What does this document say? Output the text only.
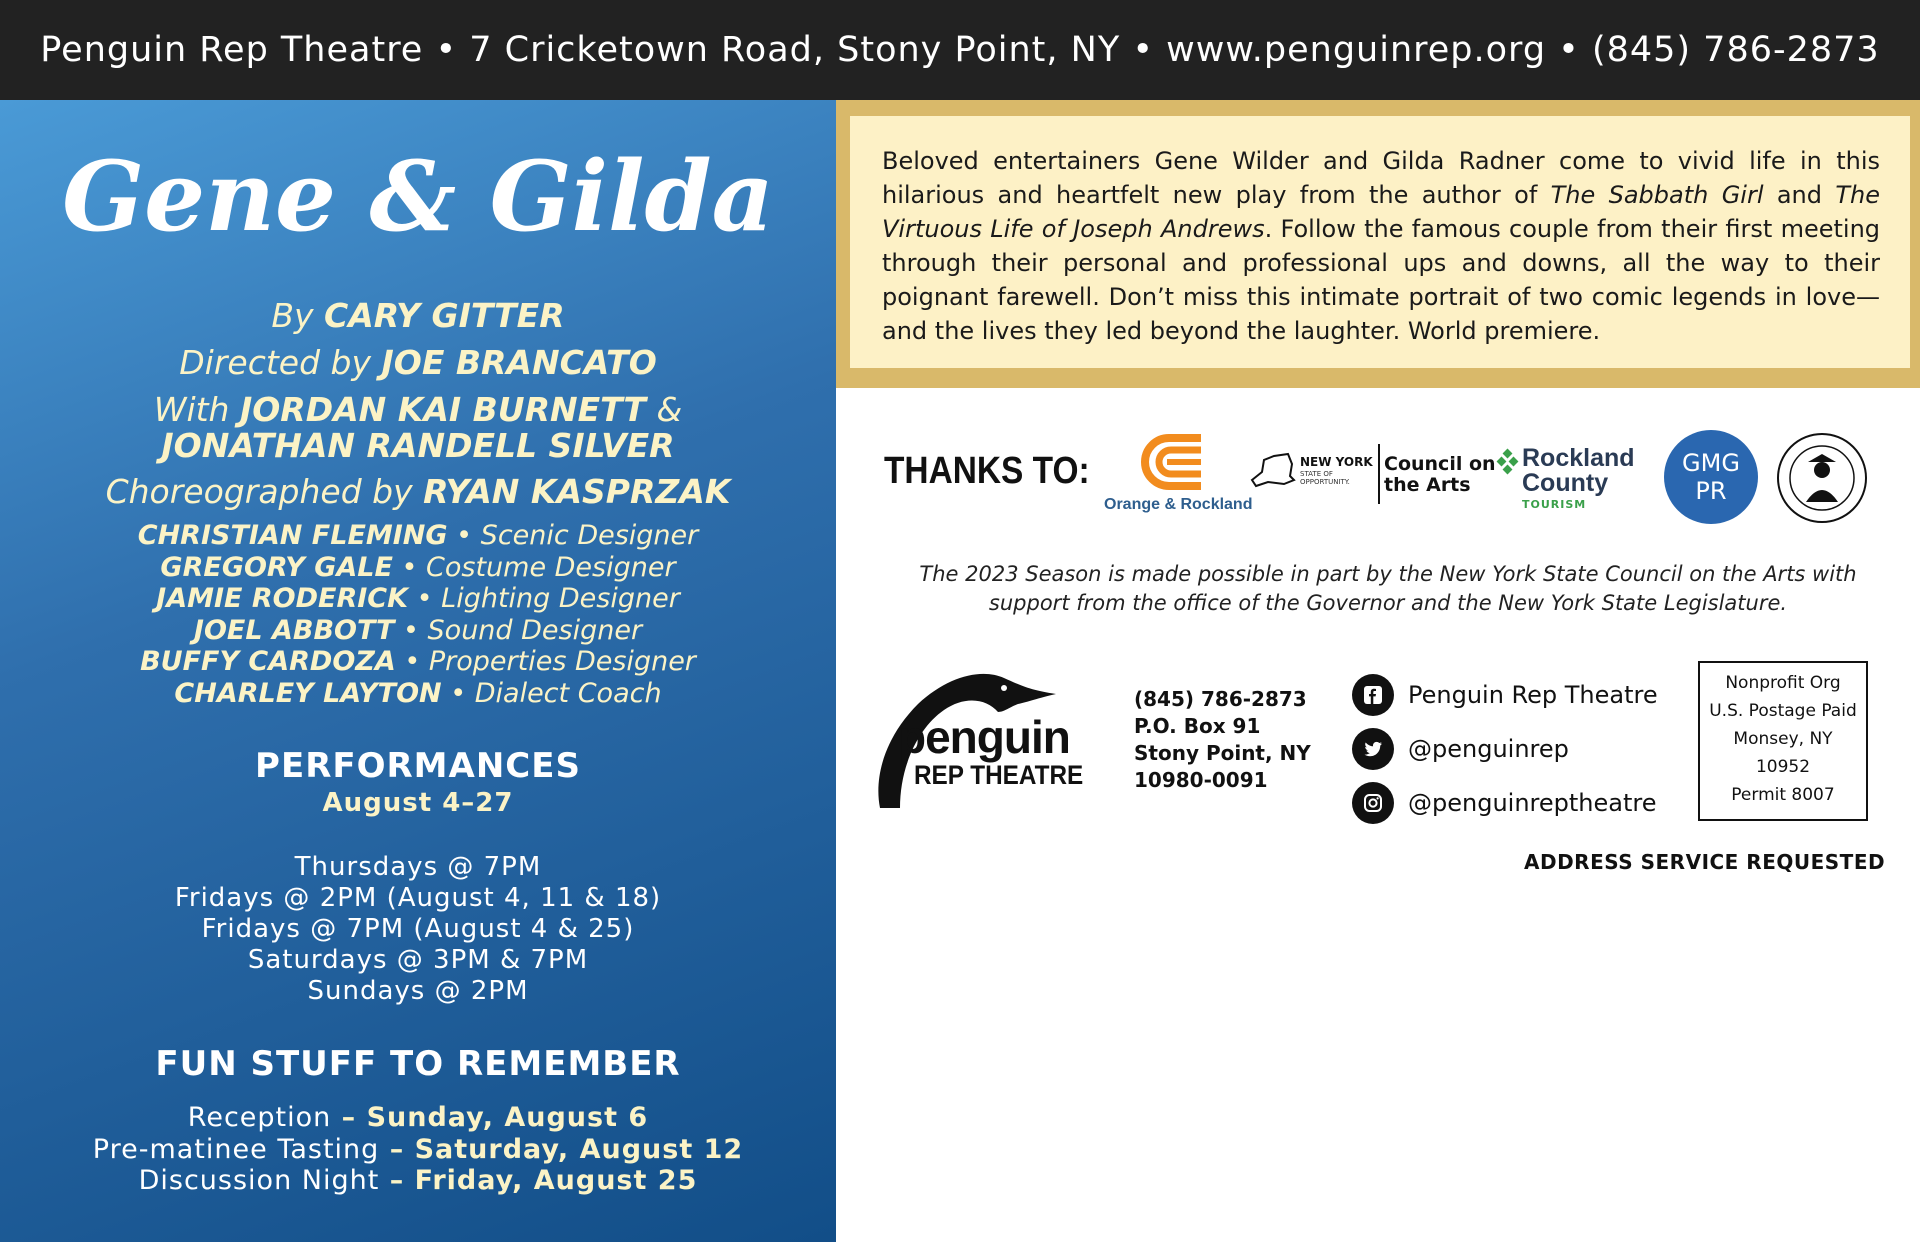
Penguin Rep Theatre • 7 Cricketown Road, Stony Point, NY • www.penguinrep.org • (845) 786-2873
Gene & Gilda
By CARY GITTER
Directed by JOE BRANCATO
With JORDAN KAI BURNETT &
JONATHAN RANDELL SILVER
Choreographed by RYAN KASPRZAK
CHRISTIAN FLEMING • Scenic Designer
GREGORY GALE • Costume Designer
JAMIE RODERICK • Lighting Designer
JOEL ABBOTT • Sound Designer
BUFFY CARDOZA • Properties Designer
CHARLEY LAYTON • Dialect Coach
PERFORMANCES
August 4–27
Thursdays @ 7PM
Fridays @ 2PM (August 4, 11 & 18)
Fridays @ 7PM (August 4 & 25)
Saturdays @ 3PM & 7PM
Sundays @ 2PM
FUN STUFF TO REMEMBER
Reception – Sunday, August 6
Pre-matinee Tasting – Saturday, August 12
Discussion Night – Friday, August 25
Beloved entertainers Gene Wilder and Gilda Radner come to vivid life in this hilarious and heartfelt new play from the author of The Sabbath Girl and The Virtuous Life of Joseph Andrews. Follow the famous couple from their first meeting through their personal and professional ups and downs, all the way to their poignant farewell. Don’t miss this intimate portrait of two comic legends in love—and the lives they led beyond the laughter. World premiere.
THANKS TO:
Orange & Rockland
NEW YORK
STATE OF
OPPORTUNITY.
Council on
the Arts
Rockland
County
TOURISM
GMG
PR
The 2023 Season is made possible in part by the New York State Council on the Arts with
support from the office of the Governor and the New York State Legislature.
penguin
REP THEATRE
(845) 786-2873
P.O. Box 91
Stony Point, NY
10980-0091
Penguin Rep Theatre
@penguinrep
@penguinreptheatre
Nonprofit Org
U.S. Postage Paid
Monsey, NY
10952
Permit 8007
ADDRESS SERVICE REQUESTED
